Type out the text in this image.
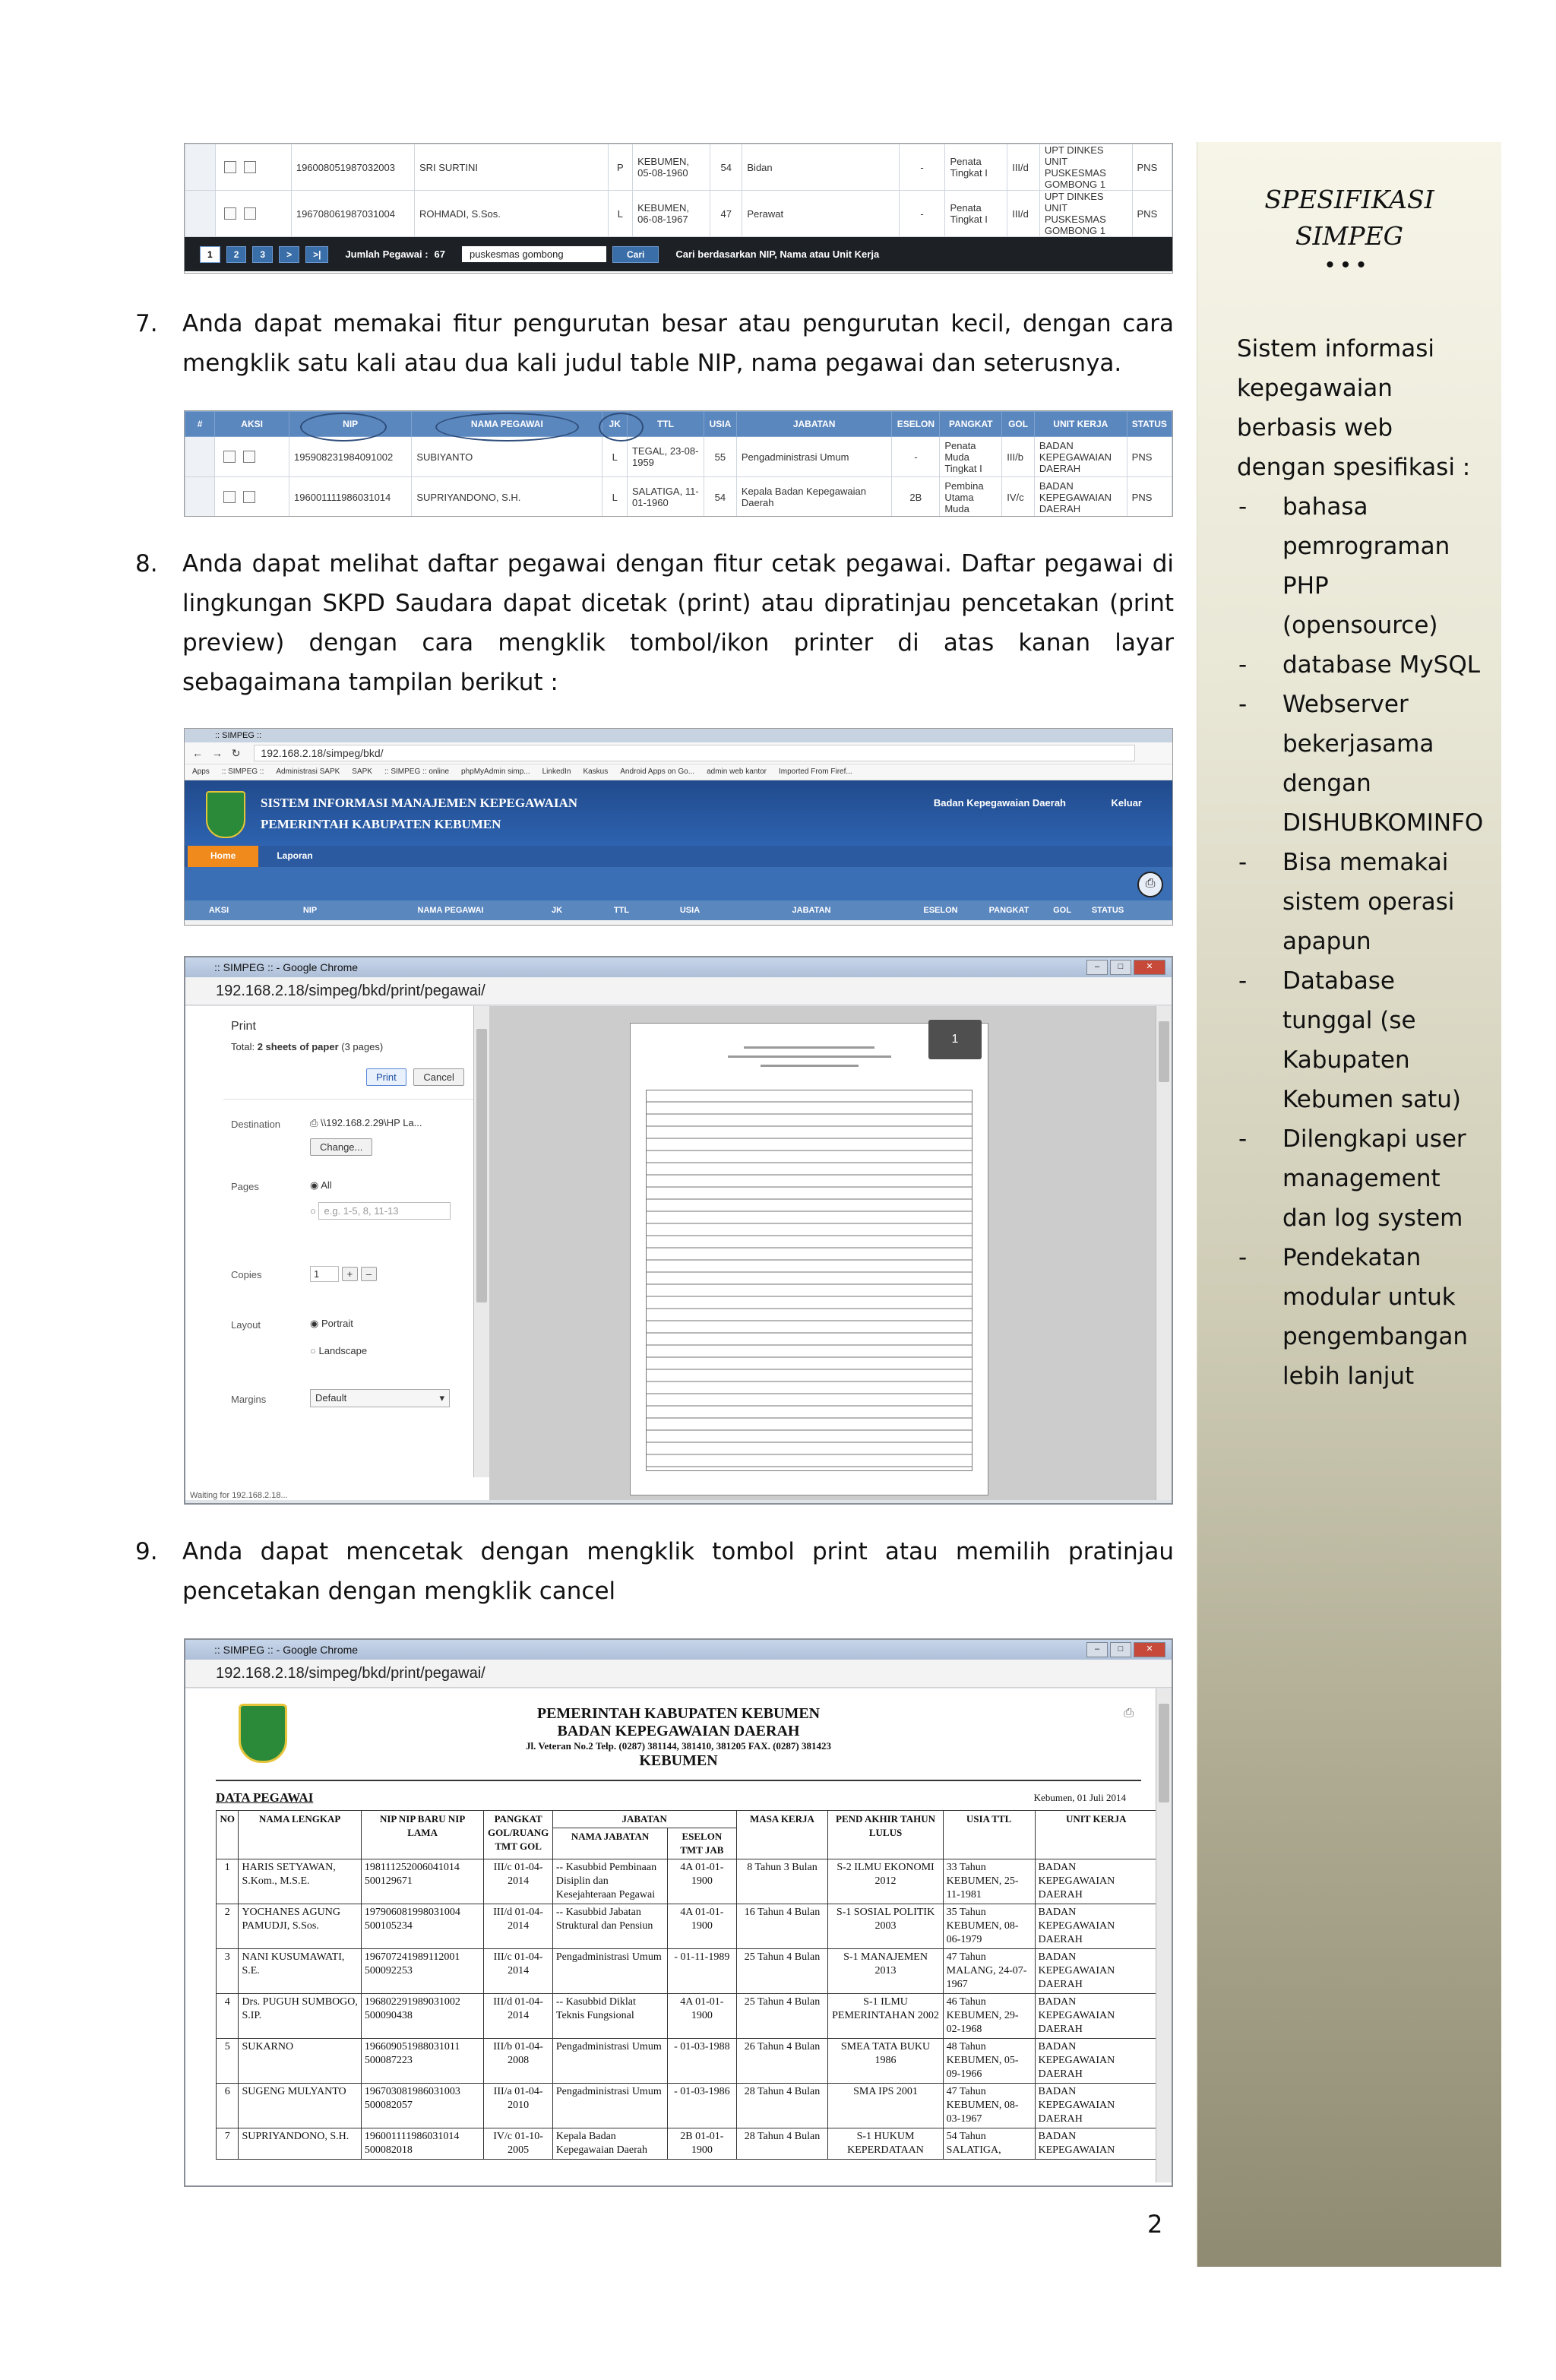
SPESIFIKASI
SIMPEG
•••
Sistem informasi kepegawaian berbasis web dengan spesifikasi :
- bahasa pemrograman PHP (opensource)
- database MySQL
- Webserver bekerjasama dengan DISHUBKOMINFO
- Bisa memakai sistem operasi apapun
- Database tunggal (se Kabupaten Kebumen satu)
- Dilengkapi user management dan log system
- Pendekatan modular untuk pengembangan lebih lanjut
		196008051987032003	SRI SURTINI	P	KEBUMEN, 05-08-1960	54	Bidan	-	Penata Tingkat I	III/d	UPT DINKES UNIT PUSKESMAS GOMBONG 1	PNS
		196708061987031004	ROHMADI, S.Sos.	L	KEBUMEN, 06-08-1967	47	Perawat	-	Penata Tingkat I	III/d	UPT DINKES UNIT PUSKESMAS GOMBONG 1	PNS
1	2	3	>	>|	Jumlah Pegawai : 67	puskesmas gombong	Cari	Cari berdasarkan NIP, Nama atau Unit Kerja
7. Anda dapat memakai fitur pengurutan besar atau pengurutan kecil, dengan cara mengklik satu kali atau dua kali judul table NIP, nama pegawai dan seterusnya.
#	AKSI	NIP	NAMA PEGAWAI	JK	TTL	USIA	JABATAN	ESELON	PANGKAT	GOL	UNIT KERJA	STATUS
		195908231984091002	SUBIYANTO	L	TEGAL, 23-08-1959	55	Pengadministrasi Umum	-	Penata Muda Tingkat I	III/b	BADAN KEPEGAWAIAN DAERAH	PNS
		196001111986031014	SUPRIYANDONO, S.H.	L	SALATIGA, 11-01-1960	54	Kepala Badan Kepegawaian Daerah	2B	Pembina Utama Muda	IV/c	BADAN KEPEGAWAIAN DAERAH	PNS
8. Anda dapat melihat daftar pegawai dengan fitur cetak pegawai. Daftar pegawai di lingkungan SKPD Saudara dapat dicetak (print) atau dipratinjau pencetakan (print preview) dengan cara mengklik tombol/ikon printer di atas kanan layar sebagaimana tampilan berikut :
:: SIMPEG ::
← → ↻ 192.168.2.18/simpeg/bkd/
Apps :: SIMPEG :: Administrasi SAPK SAPK :: SIMPEG :: online phpMyAdmin simp... LinkedIn Kaskus Android Apps on Go... admin web kantor Imported From Firef...
SISTEM INFORMASI MANAJEMEN KEPEGAWAIAN
PEMERINTAH KABUPATEN KEBUMEN
Badan Kepegawaian Daerah	Keluar
Home	Laporan
⎙
AKSI	NIP	NAMA PEGAWAI	JK	TTL	USIA	JABATAN	ESELON	PANGKAT	GOL	STATUS
:: SIMPEG :: - Google Chrome	–	□	✕
192.168.2.18/simpeg/bkd/print/pegawai/
Print
Total: 2 sheets of paper (3 pages)
Print	Cancel
Destination	⎙ \\192.168.2.29\HP La...
Change...
Pages	◉ All
○ e.g. 1-5, 8, 11-13
Copies	1	+ –
Layout	◉ Portrait
○ Landscape
Margins	Default	▾
Waiting for 192.168.2.18...
1
9. Anda dapat mencetak dengan mengklik tombol print atau memilih pratinjau pencetakan dengan mengklik cancel
:: SIMPEG :: - Google Chrome	–	□	✕
192.168.2.18/simpeg/bkd/print/pegawai/
PEMERINTAH KABUPATEN KEBUMEN
BADAN KEPEGAWAIAN DAERAH
Jl. Veteran No.2 Telp. (0287) 381144, 381410, 381205 FAX. (0287) 381423
KEBUMEN
⎙
DATA PEGAWAI	Kebumen, 01 Juli 2014
NO	NAMA LENGKAP	NIP NIP BARU NIP LAMA	PANGKAT GOL/RUANG TMT GOL	JABATAN		MASA KERJA	PEND AKHIR TAHUN LULUS	USIA TTL	UNIT KERJA
				NAMA JABATAN	ESELON TMT JAB				
1	HARIS SETYAWAN, S.Kom., M.S.E.	198111252006041014 500129671	III/c 01-04-2014	-- Kasubbid Pembinaan Disiplin dan Kesejahteraan Pegawai	4A 01-01-1900	8 Tahun 3 Bulan	S-2 ILMU EKONOMI 2012	33 Tahun KEBUMEN, 25-11-1981	BADAN KEPEGAWAIAN DAERAH
2	YOCHANES AGUNG PAMUDJI, S.Sos.	197906081998031004 500105234	III/d 01-04-2014	-- Kasubbid Jabatan Struktural dan Pensiun	4A 01-01-1900	16 Tahun 4 Bulan	S-1 SOSIAL POLITIK 2003	35 Tahun KEBUMEN, 08-06-1979	BADAN KEPEGAWAIAN DAERAH
3	NANI KUSUMAWATI, S.E.	196707241989112001 500092253	III/c 01-04-2014	Pengadministrasi Umum	- 01-11-1989	25 Tahun 4 Bulan	S-1 MANAJEMEN 2013	47 Tahun MALANG, 24-07-1967	BADAN KEPEGAWAIAN DAERAH
4	Drs. PUGUH SUMBOGO, S.IP.	196802291989031002 500090438	III/d 01-04-2014	-- Kasubbid Diklat Teknis Fungsional	4A 01-01-1900	25 Tahun 4 Bulan	S-1 ILMU PEMERINTAHAN 2002	46 Tahun KEBUMEN, 29-02-1968	BADAN KEPEGAWAIAN DAERAH
5	SUKARNO	196609051988031011 500087223	III/b 01-04-2008	Pengadministrasi Umum	- 01-03-1988	26 Tahun 4 Bulan	SMEA TATA BUKU 1986	48 Tahun KEBUMEN, 05-09-1966	BADAN KEPEGAWAIAN DAERAH
6	SUGENG MULYANTO	196703081986031003 500082057	III/a 01-04-2010	Pengadministrasi Umum	- 01-03-1986	28 Tahun 4 Bulan	SMA IPS 2001	47 Tahun KEBUMEN, 08-03-1967	BADAN KEPEGAWAIAN DAERAH
7	SUPRIYANDONO, S.H.	196001111986031014 500082018	IV/c 01-10-2005	Kepala Badan Kepegawaian Daerah	2B 01-01-1900	28 Tahun 4 Bulan	S-1 HUKUM KEPERDATAAN	54 Tahun SALATIGA,	BADAN KEPEGAWAIAN
2
